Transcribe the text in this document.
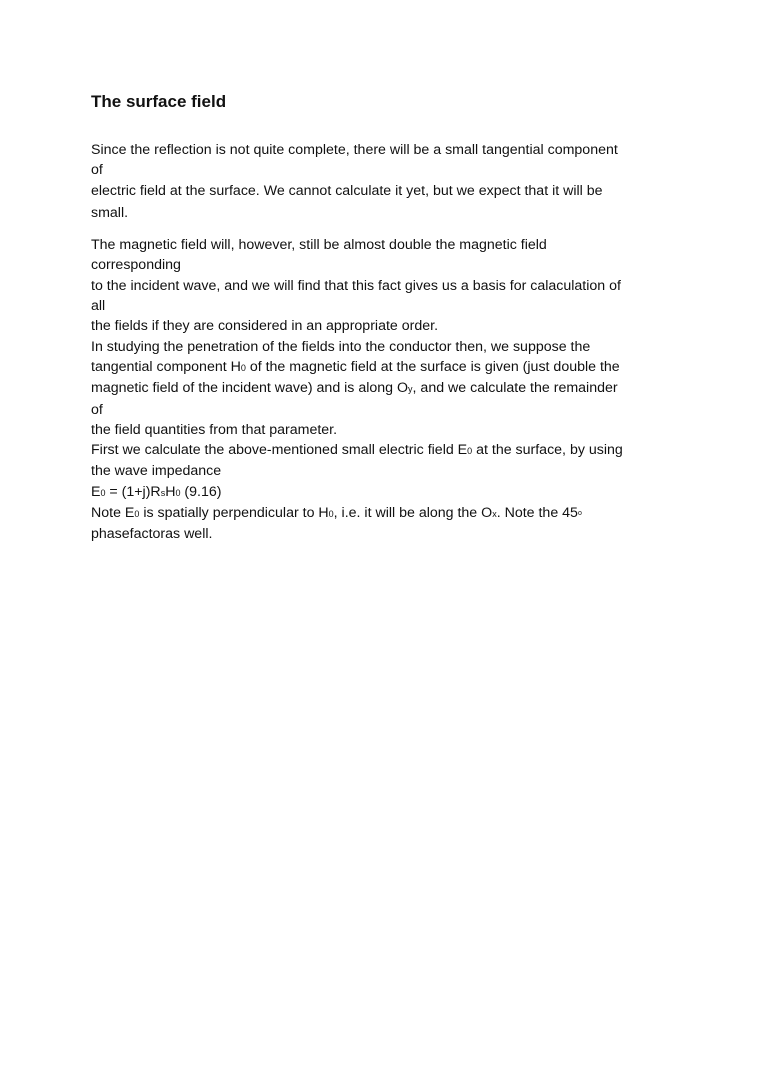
The surface field
Since the reflection is not quite complete, there will be a small tangential component
of
electric field at the surface. We cannot calculate it yet, but we expect that it will be
small.
The magnetic field will, however, still be almost double the magnetic field
corresponding
to the incident wave, and we will find that this fact gives us a basis for calaculation of
all
the fields if they are considered in an appropriate order.
In studying the penetration of the fields into the conductor then, we suppose the
tangential component H0 of the magnetic field at the surface is given (just double the
magnetic field of the incident wave) and is along Oy, and we calculate the remainder
of
the field quantities from that parameter.
First we calculate the above-mentioned small electric field E0 at the surface, by using
the wave impedance
E0 = (1+j)RsH0 (9.16)
Note E0 is spatially perpendicular to H0, i.e. it will be along the Ox. Note the 45$^o$
phasefactoras well.
